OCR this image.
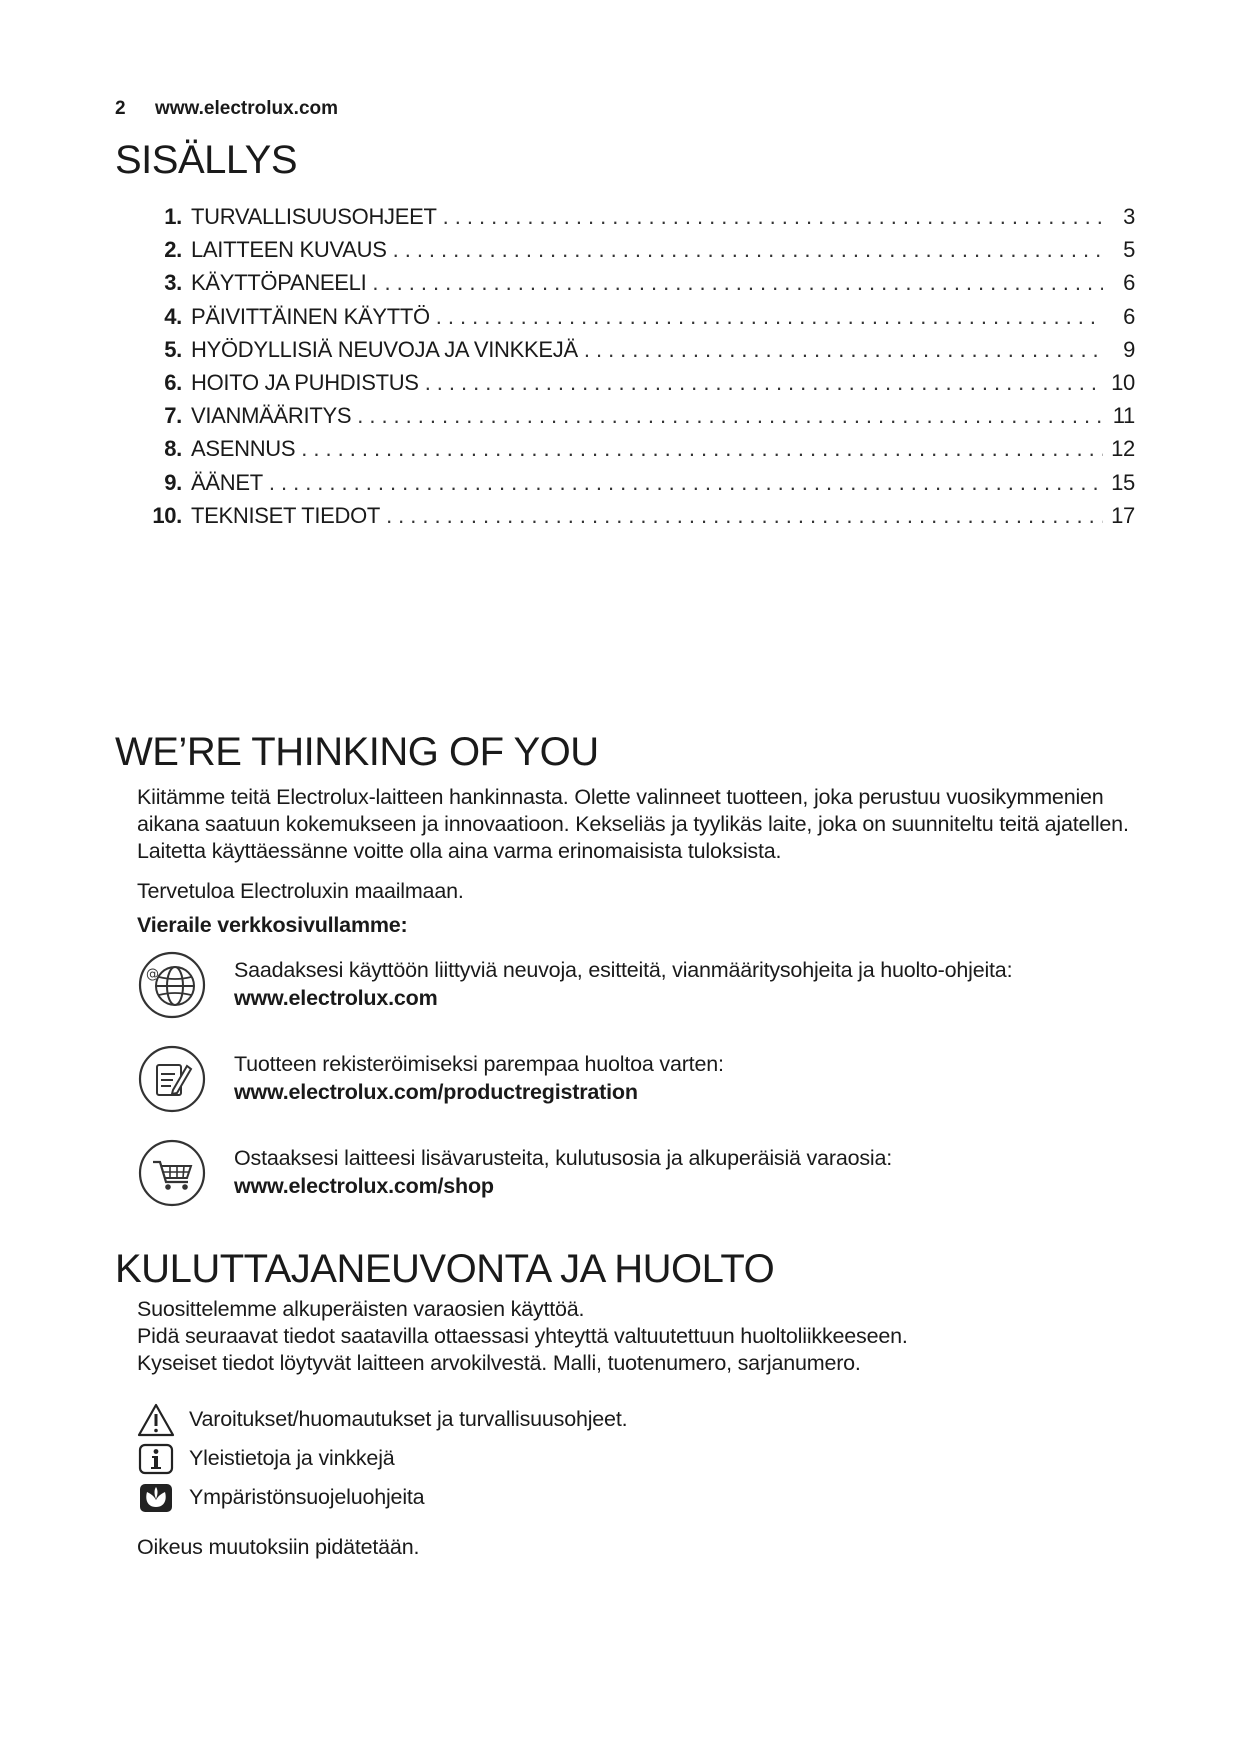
2 www.electrolux.com
SISÄLLYS
1. TURVALLISUUSOHJEET .....	3
2. LAITTEEN KUVAUS .....	5
3. KÄYTTÖPANEELI .....	6
4. PÄIVITTÄINEN KÄYTTÖ .....	6
5. HYÖDYLLISIÄ NEUVOJA JA VINKKEJÄ .....	9
6. HOITO JA PUHDISTUS .....	10
7. VIANMÄÄRITYS .....	11
8. ASENNUS .....	12
9. ÄÄNET .....	15
10. TEKNISET TIEDOT .....	17
WE’RE THINKING OF YOU
Kiitämme teitä Electrolux-laitteen hankinnasta. Olette valinneet tuotteen, joka perustuu vuosikymmenien aikana saatuun kokemukseen ja innovaatioon. Kekseliäs ja tyylikäs laite, joka on suunniteltu teitä ajatellen. Laitetta käyttäessänne voitte olla aina varma erinomaisista tuloksista.
Tervetuloa Electroluxin maailmaan.
Vieraile verkkosivullamme:
@	Saadaksesi käyttöön liittyviä neuvoja, esitteitä, vianmääritysohjeita ja huolto-ohjeita:
www.electrolux.com
Tuotteen rekisteröimiseksi parempaa huoltoa varten:
www.electrolux.com/productregistration
Ostaaksesi laitteesi lisävarusteita, kulutusosia ja alkuperäisiä varaosia:
www.electrolux.com/shop
KULUTTAJANEUVONTA JA HUOLTO
Suosittelemme alkuperäisten varaosien käyttöä.
Pidä seuraavat tiedot saatavilla ottaessasi yhteyttä valtuutettuun huoltoliikkeeseen.
Kyseiset tiedot löytyvät laitteen arvokilvestä. Malli, tuotenumero, sarjanumero.
Varoitukset/huomautukset ja turvallisuusohjeet.
Yleistietoja ja vinkkejä
Ympäristönsuojeluohjeita
Oikeus muutoksiin pidätetään.
